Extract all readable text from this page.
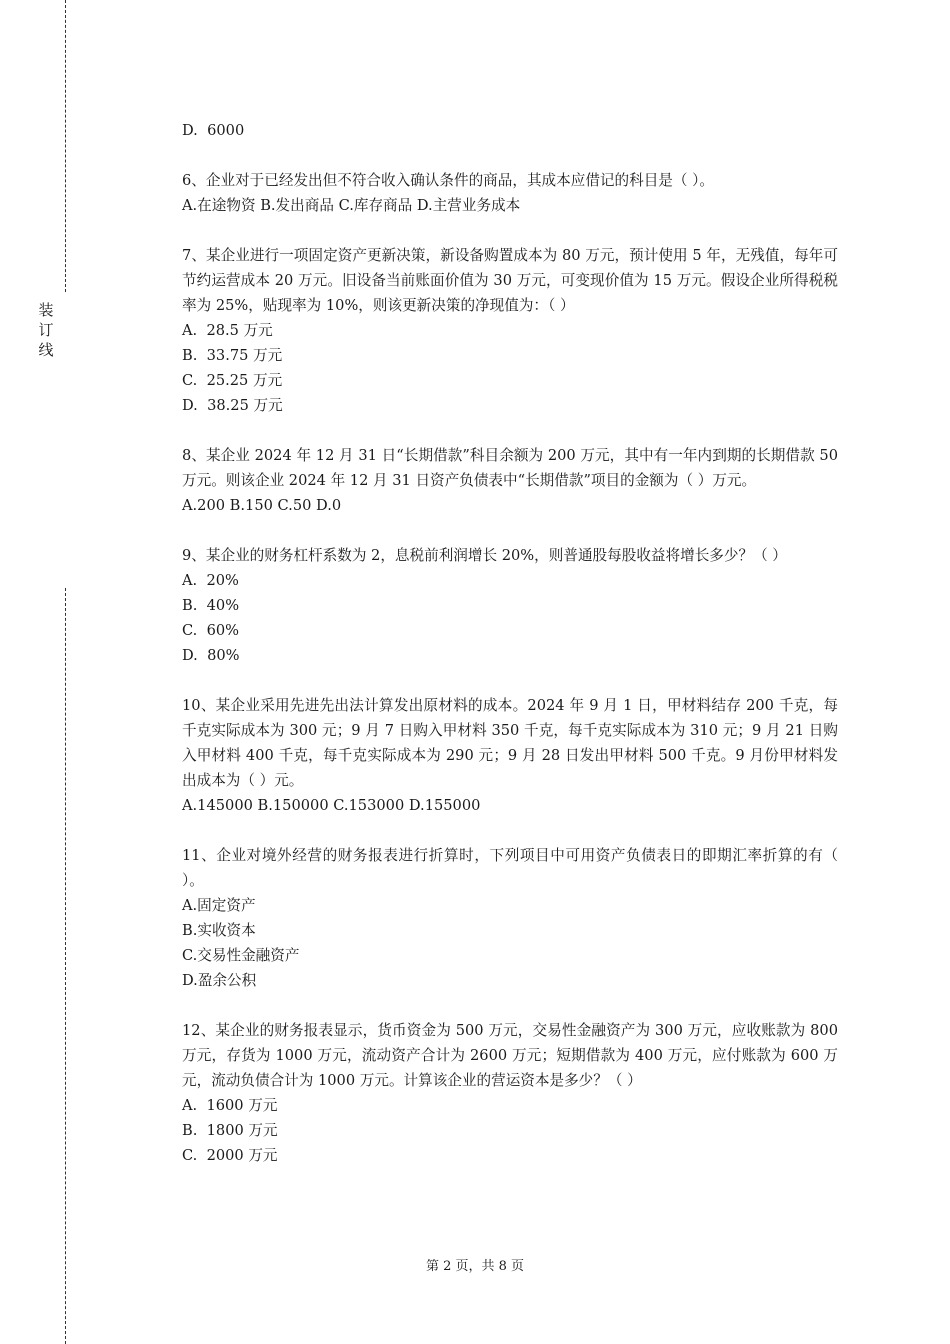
装
订
线
D.  6000
6、企业对于已经发出但不符合收入确认条件的商品，其成本应借记的科目是（ ）。
A.在途物资 B.发出商品 C.库存商品 D.主营业务成本
7、某企业进行一项固定资产更新决策，新设备购置成本为 80 万元，预计使用 5 年，无残值，每年可节约运营成本 20 万元。旧设备当前账面价值为 30 万元，可变现价值为 15 万元。假设企业所得税税率为 25%，贴现率为 10%，则该更新决策的净现值为：（ ）
A.  28.5 万元
B.  33.75 万元
C.  25.25 万元
D.  38.25 万元
8、某企业 2024 年 12 月 31 日“长期借款”科目余额为 200 万元，其中有一年内到期的长期借款 50 万元。则该企业 2024 年 12 月 31 日资产负债表中“长期借款”项目的金额为（ ）万元。
A.200 B.150 C.50 D.0
9、某企业的财务杠杆系数为 2，息税前利润增长 20%，则普通股每股收益将增长多少？（ ）
A.  20%
B.  40%
C.  60%
D.  80%
10、某企业采用先进先出法计算发出原材料的成本。2024 年 9 月 1 日，甲材料结存 200 千克，每千克实际成本为 300 元；9 月 7 日购入甲材料 350 千克，每千克实际成本为 310 元；9 月 21 日购入甲材料 400 千克，每千克实际成本为 290 元；9 月 28 日发出甲材料 500 千克。9 月份甲材料发出成本为（ ）元。
A.145000 B.150000 C.153000 D.155000
11、企业对境外经营的财务报表进行折算时，下列项目中可用资产负债表日的即期汇率折算的有（ ）。
A.固定资产
B.实收资本
C.交易性金融资产
D.盈余公积
12、某企业的财务报表显示，货币资金为 500 万元，交易性金融资产为 300 万元，应收账款为 800 万元，存货为 1000 万元，流动资产合计为 2600 万元；短期借款为 400 万元，应付账款为 600 万元，流动负债合计为 1000 万元。计算该企业的营运资本是多少？（ ）
A.  1600 万元
B.  1800 万元
C.  2000 万元
第 2 页，共 8 页
